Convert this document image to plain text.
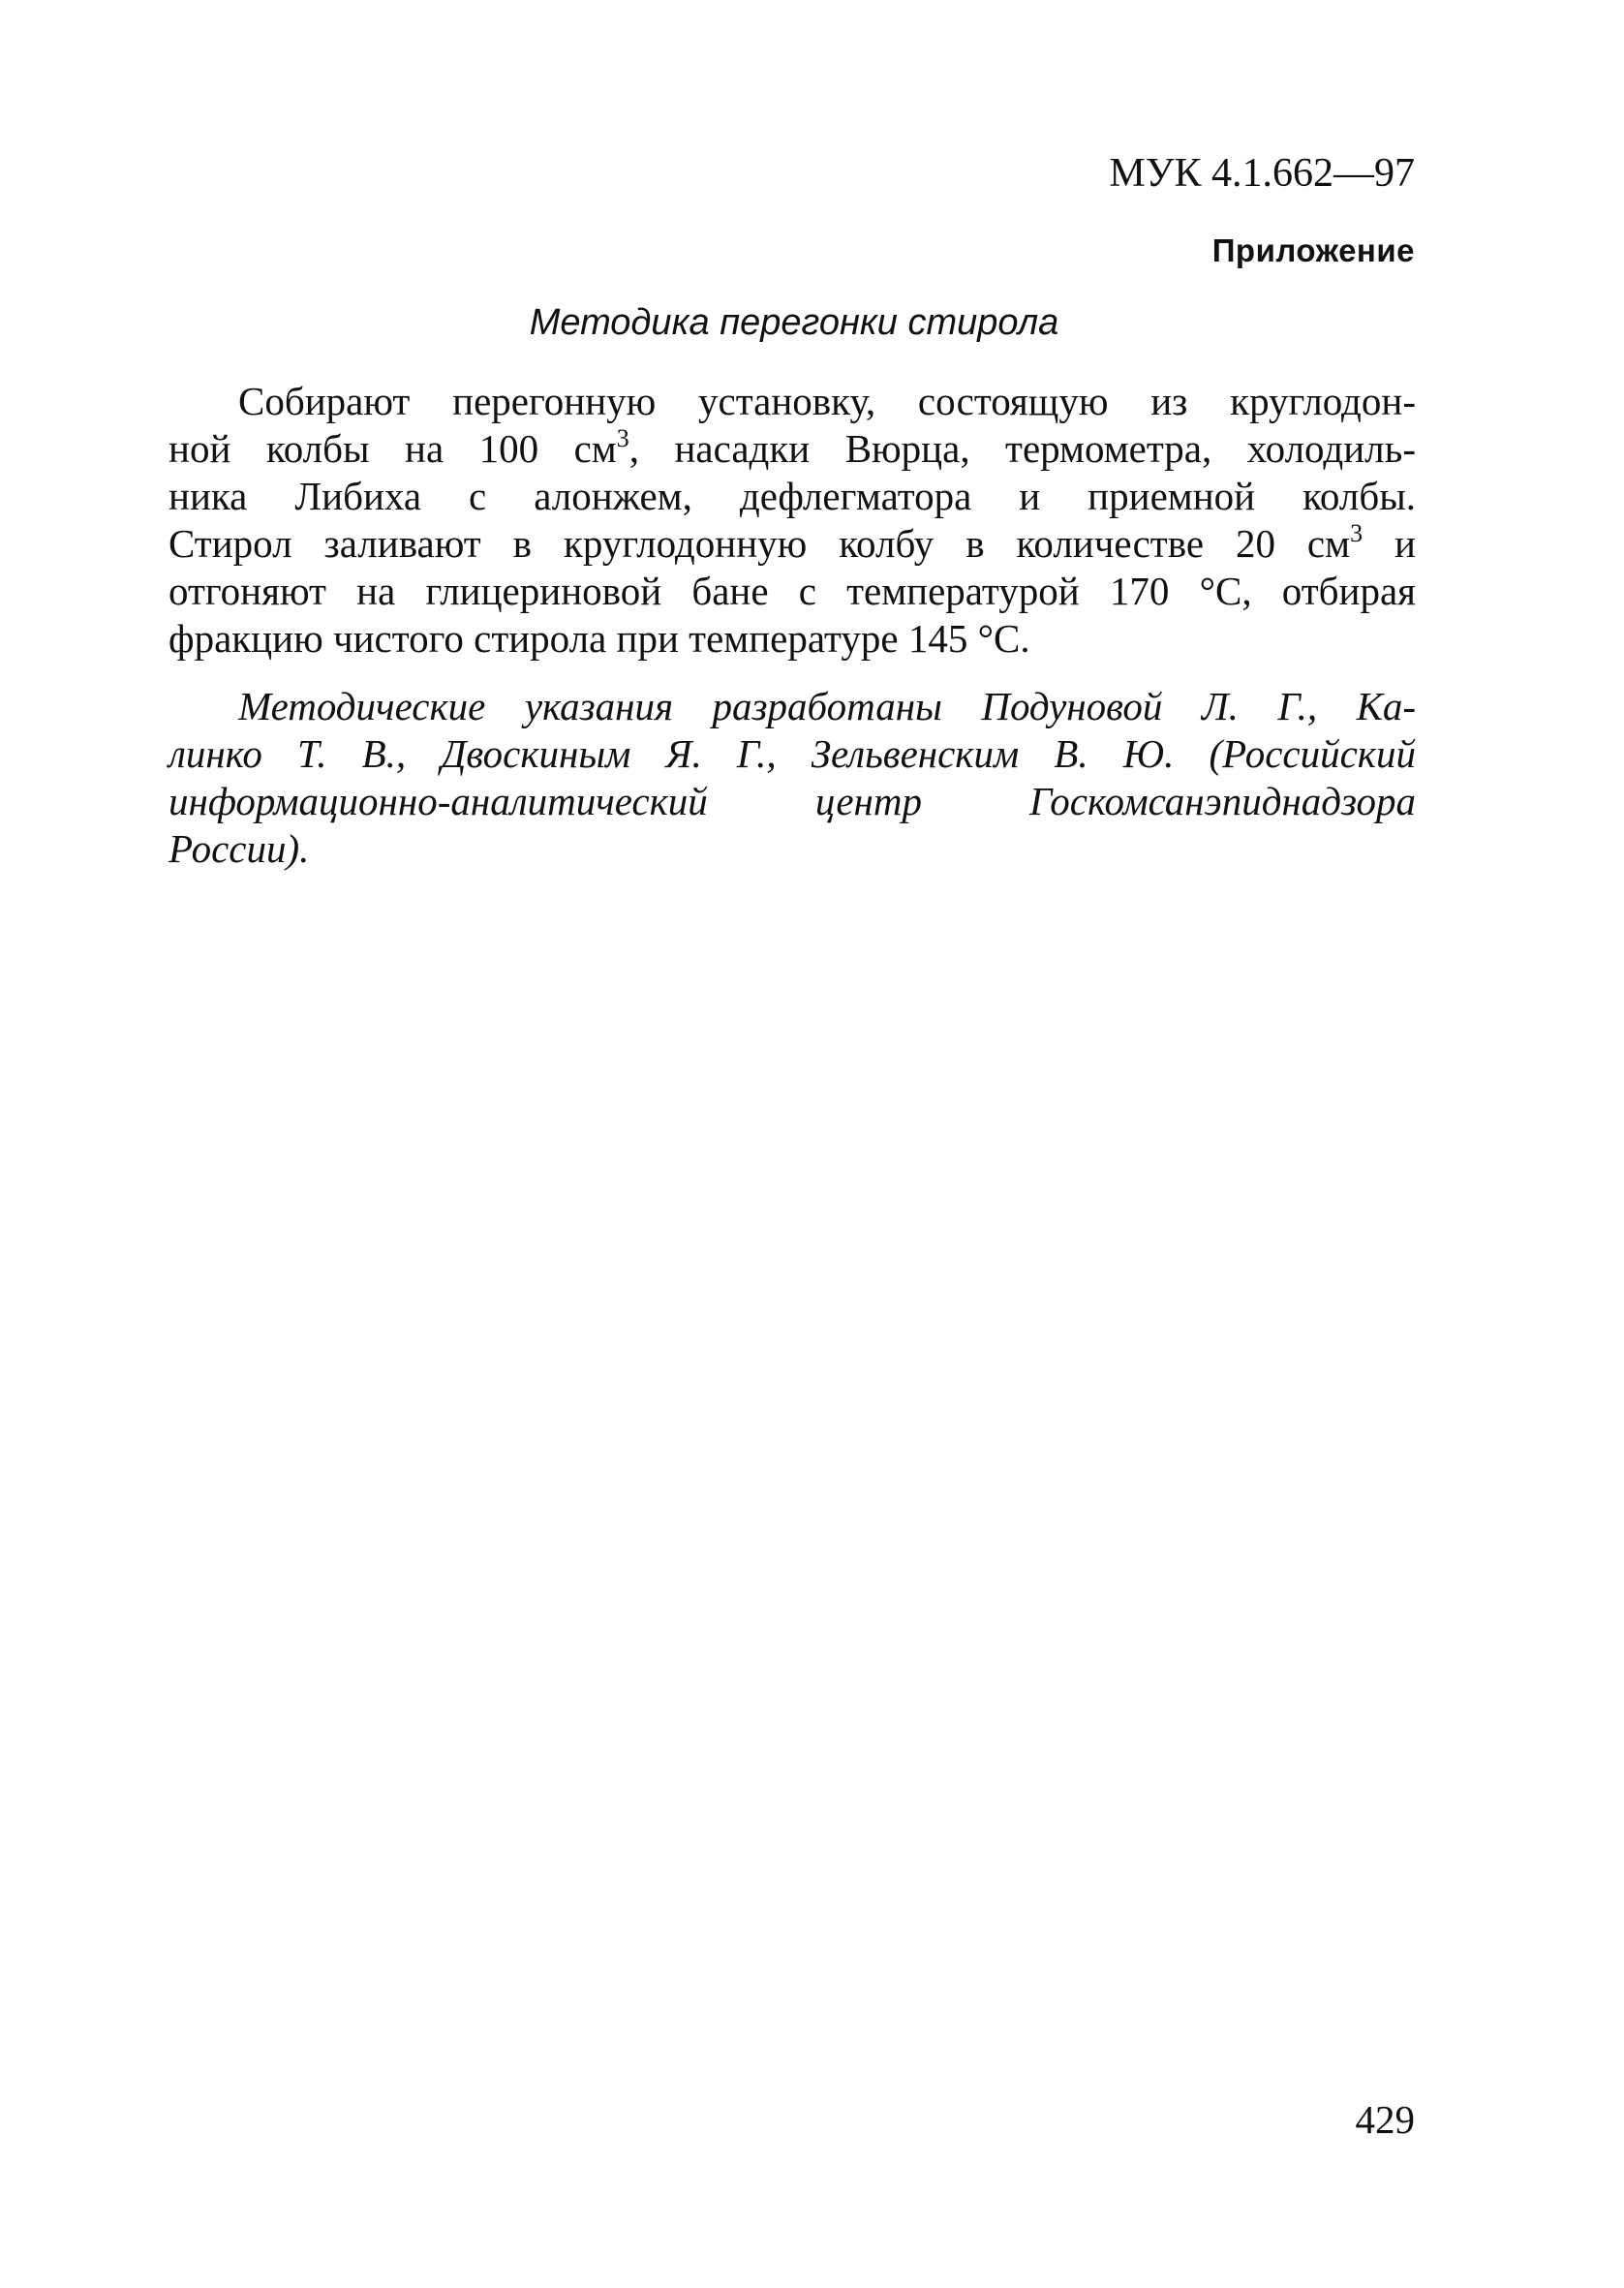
МУК 4.1.662—97
Приложение
Методика перегонки стирола
Собирают перегонную установку, состоящую из круглодон-
ной колбы на 100 $см^3$, насадки Вюрца, термометра, холодиль-
ника Либиха с алонжем, дефлегматора и приемной колбы.
Стирол заливают в круглодонную колбу в количестве 20 $см^3$ и
отгоняют на глицериновой бане с температурой 170 °С, отбирая
фракцию чистого стирола при температуре 145 °С.
Методические указания разработаны Подуновой Л. Г., Ка-
линко Т. В., Двоскиным Я. Г., Зельвенским В. Ю. (Российский
информационно-аналитический центр Госкомсанэпиднадзора
России).
429
